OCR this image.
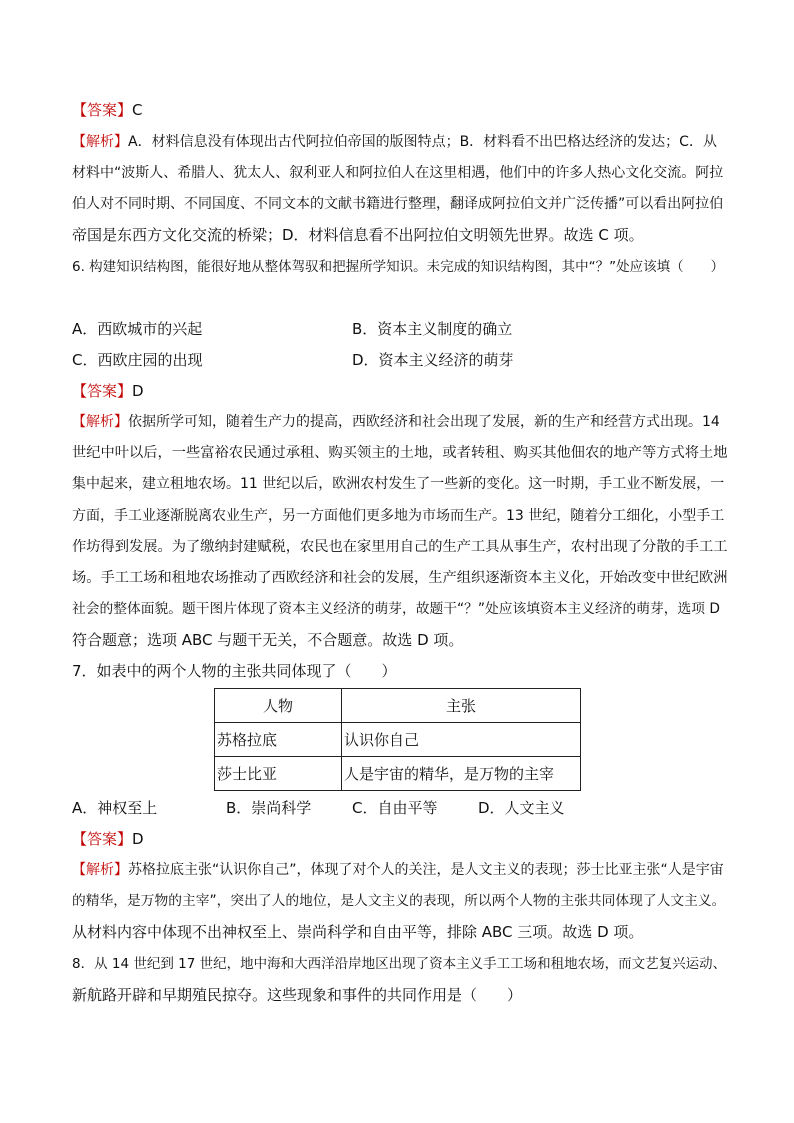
【答案】C
【解析】A．材料信息没有体现出古代阿拉伯帝国的版图特点；B．材料看不出巴格达经济的发达；C．从
材料中“波斯人、希腊人、犹太人、叙利亚人和阿拉伯人在这里相遇，他们中的许多人热心文化交流。阿拉
伯人对不同时期、不同国度、不同文本的文献书籍进行整理，翻译成阿拉伯文并广泛传播”可以看出阿拉伯
帝国是东西方文化交流的桥梁；D．材料信息看不出阿拉伯文明领先世界。故选 C 项。
6. 构建知识结构图，能很好地从整体驾驭和把握所学知识。未完成的知识结构图，其中“？”处应该填（　　）
A．西欧城市的兴起	B．资本主义制度的确立
C．西欧庄园的出现	D．资本主义经济的萌芽
【答案】D
【解析】依据所学可知，随着生产力的提高，西欧经济和社会出现了发展，新的生产和经营方式出现。14
世纪中叶以后，一些富裕农民通过承租、购买领主的土地，或者转租、购买其他佃农的地产等方式将土地
集中起来，建立租地农场。11 世纪以后，欧洲农村发生了一些新的变化。这一时期，手工业不断发展，一
方面，手工业逐渐脱离农业生产，另一方面他们更多地为市场而生产。13 世纪，随着分工细化，小型手工
作坊得到发展。为了缴纳封建赋税，农民也在家里用自己的生产工具从事生产，农村出现了分散的手工工
场。手工工场和租地农场推动了西欧经济和社会的发展，生产组织逐渐资本主义化，开始改变中世纪欧洲
社会的整体面貌。题干图片体现了资本主义经济的萌芽，故题干“？”处应该填资本主义经济的萌芽，选项 D
符合题意；选项 ABC 与题干无关，不合题意。故选 D 项。
7．如表中的两个人物的主张共同体现了（　　）
人物	主张
苏格拉底	认识你自己
莎士比亚	人是宇宙的精华，是万物的主宰
A．神权至上	B．崇尚科学	C．自由平等	D．人文主义
【答案】D
【解析】苏格拉底主张“认识你自己”，体现了对个人的关注，是人文主义的表现；莎士比亚主张“人是宇宙
的精华，是万物的主宰”，突出了人的地位，是人文主义的表现，所以两个人物的主张共同体现了人文主义。
从材料内容中体现不出神权至上、崇尚科学和自由平等，排除 ABC 三项。故选 D 项。
8．从 14 世纪到 17 世纪，地中海和大西洋沿岸地区出现了资本主义手工工场和租地农场，而文艺复兴运动、
新航路开辟和早期殖民掠夺。这些现象和事件的共同作用是（　　）
